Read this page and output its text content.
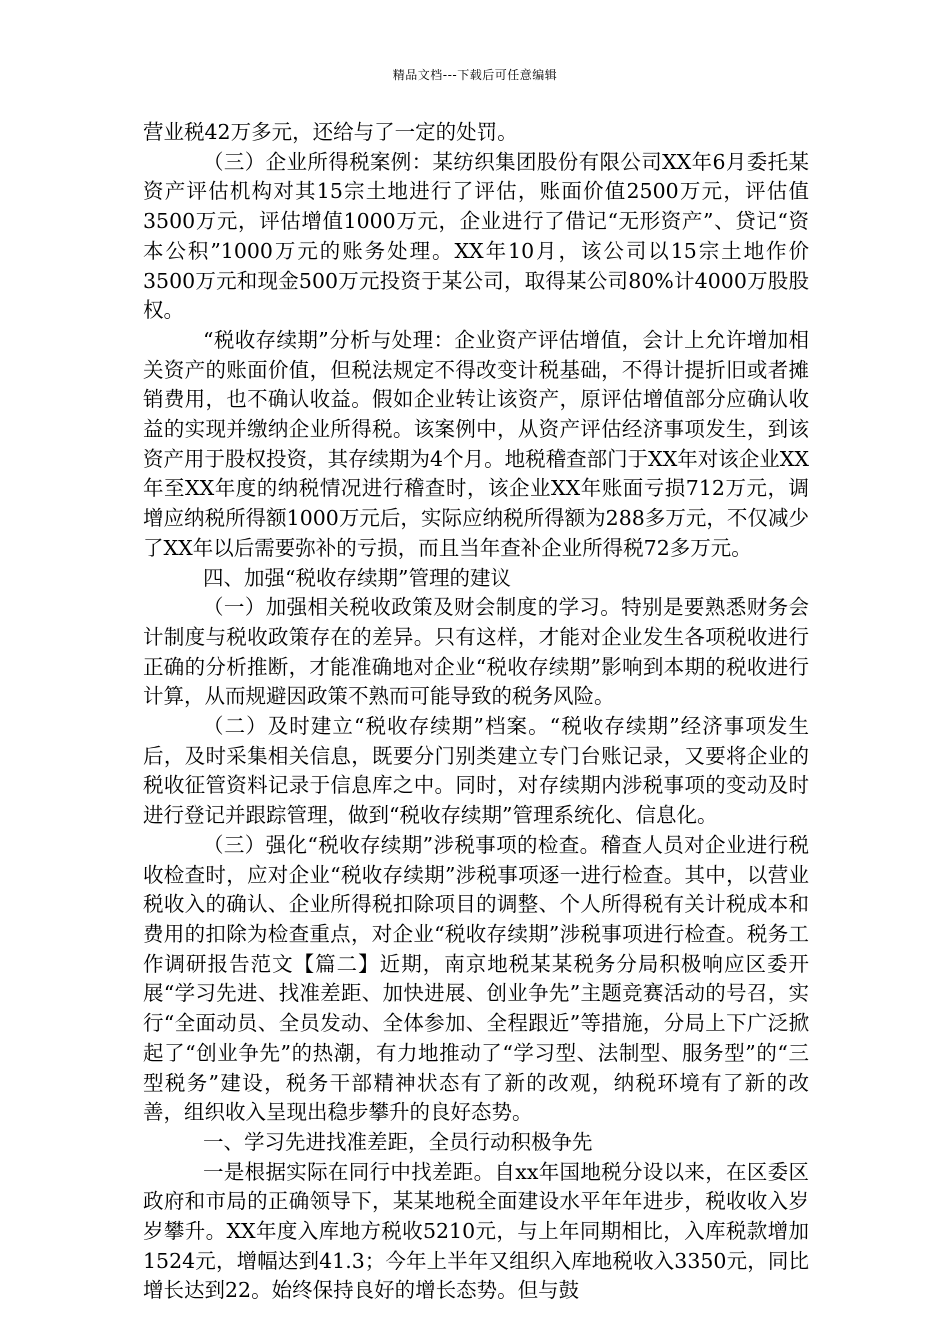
精品文档---下载后可任意编辑

营业税42万多元，还给与了一定的处罚。

（三）企业所得税案例：某纺织集团股份有限公司XX年6月委托某资产评估机构对其15宗土地进行了评估，账面价值2500万元，评估值3500万元，评估增值1000万元，企业进行了借记“无形资产”、贷记“资本公积”1000万元的账务处理。XX年10月，该公司以15宗土地作价3500万元和现金500万元投资于某公司，取得某公司80%计4000万股股权。

“税收存续期”分析与处理：企业资产评估增值，会计上允许增加相关资产的账面价值，但税法规定不得改变计税基础，不得计提折旧或者摊销费用，也不确认收益。假如企业转让该资产，原评估增值部分应确认收益的实现并缴纳企业所得税。该案例中，从资产评估经济事项发生，到该资产用于股权投资，其存续期为4个月。地税稽查部门于XX年对该企业XX年至XX年度的纳税情况进行稽查时，该企业XX年账面亏损712万元，调增应纳税所得额1000万元后，实际应纳税所得额为288多万元，不仅减少了XX年以后需要弥补的亏损，而且当年查补企业所得税72多万元。

四、加强“税收存续期”管理的建议

（一）加强相关税收政策及财会制度的学习。特别是要熟悉财务会计制度与税收政策存在的差异。只有这样，才能对企业发生各项税收进行正确的分析推断，才能准确地对企业“税收存续期”影响到本期的税收进行计算，从而规避因政策不熟而可能导致的税务风险。

（二）及时建立“税收存续期”档案。“税收存续期”经济事项发生后，及时采集相关信息，既要分门别类建立专门台账记录，又要将企业的税收征管资料记录于信息库之中。同时，对存续期内涉税事项的变动及时进行登记并跟踪管理，做到“税收存续期”管理系统化、信息化。

（三）强化“税收存续期”涉税事项的检查。稽查人员对企业进行税收检查时，应对企业“税收存续期”涉税事项逐一进行检查。其中，以营业税收入的确认、企业所得税扣除项目的调整、个人所得税有关计税成本和费用的扣除为检查重点，对企业“税收存续期”涉税事项进行检查。税务工作调研报告范文【篇二】近期，南京地税某某税务分局积极响应区委开展“学习先进、找准差距、加快进展、创业争先”主题竞赛活动的号召，实行“全面动员、全员发动、全体参加、全程跟近”等措施，分局上下广泛掀起了“创业争先”的热潮，有力地推动了“学习型、法制型、服务型”的“三型税务”建设，税务干部精神状态有了新的改观，纳税环境有了新的改善，组织收入呈现出稳步攀升的良好态势。

一、学习先进找准差距，全员行动积极争先

一是根据实际在同行中找差距。自xx年国地税分设以来，在区委区政府和市局的正确领导下，某某地税全面建设水平年年进步，税收收入岁岁攀升。XX年度入库地方税收5210元，与上年同期相比，入库税款增加1524元，增幅达到41.3；今年上半年又组织入库地税收入3350元，同比增长达到22。始终保持良好的增长态势。但与鼓
